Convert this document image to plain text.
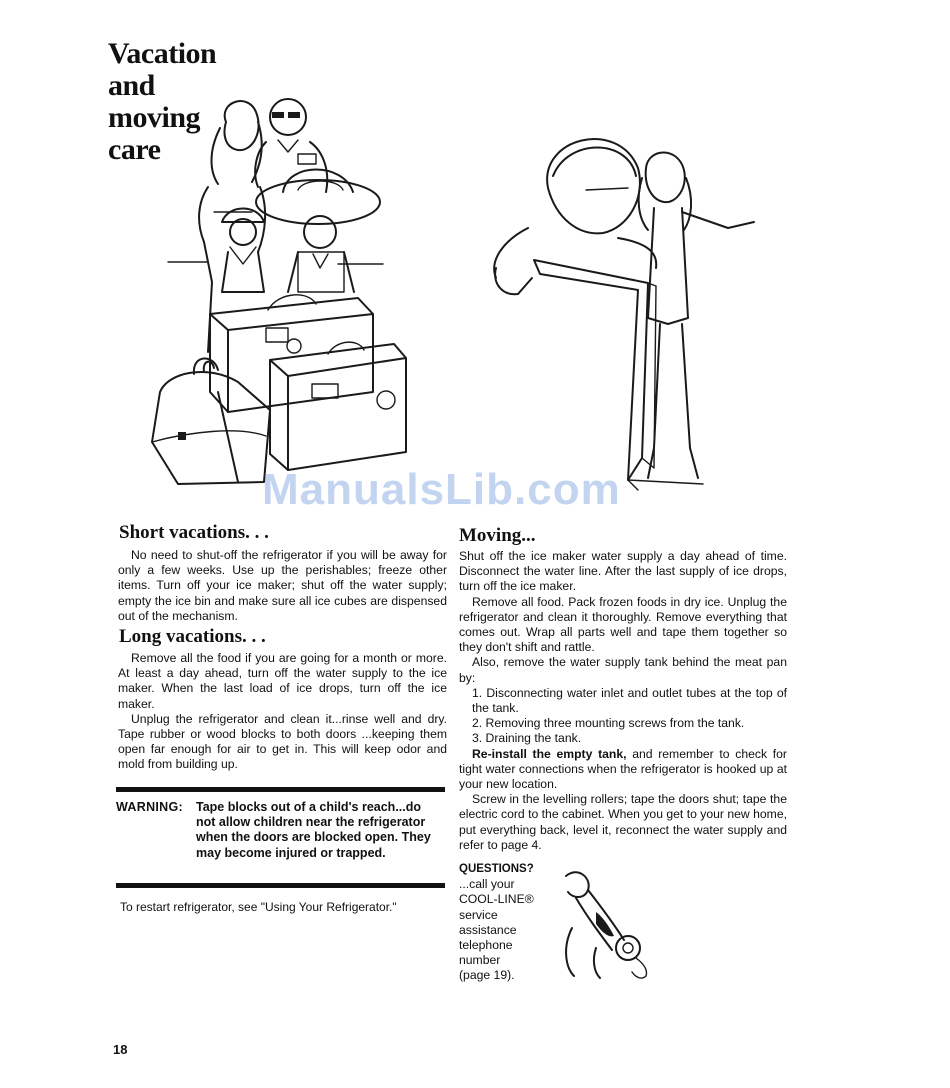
Vacation
and
moving
care
ManualsLib.com
Short vacations. . .

No need to shut-off the refrigerator if you will be away for only a few weeks. Use up the perishables; freeze other items. Turn off your ice maker; shut off the water supply; empty the ice bin and make sure all ice cubes are dispensed out of the mechanism.

Long vacations. . .

Remove all the food if you are going for a month or more. At least a day ahead, turn off the water supply to the ice maker. When the last load of ice drops, turn off the ice maker.

Unplug the refrigerator and clean it...rinse well and dry. Tape rubber or wood blocks to both doors ...keeping them open far enough for air to get in. This will keep odor and mold from building up.

WARNING: Tape blocks out of a child's reach...do not allow children near the refrigerator when the doors are blocked open. They may become injured or trapped.
To restart refrigerator, see "Using Your Refrigerator."
Moving...

Shut off the ice maker water supply a day ahead of time. Disconnect the water line. After the last supply of ice drops, turn off the ice maker.

Remove all food. Pack frozen foods in dry ice. Unplug the refrigerator and clean it thoroughly. Remove everything that comes out. Wrap all parts well and tape them together so they don't shift and rattle.

Also, remove the water supply tank behind the meat pan by:

1. Disconnecting water inlet and outlet tubes at the top of the tank.

2. Removing three mounting screws from the tank.

3. Draining the tank.

Re-install the empty tank, and remember to check for tight water connections when the refrigerator is hooked up at your new location.

Screw in the levelling rollers; tape the doors shut; tape the electric cord to the cabinet. When you get to your new home, put everything back, level it, reconnect the water supply and refer to page 4.

QUESTIONS?
...call your
COOL-LINE®
service
assistance
telephone
number
(page 19).
18
